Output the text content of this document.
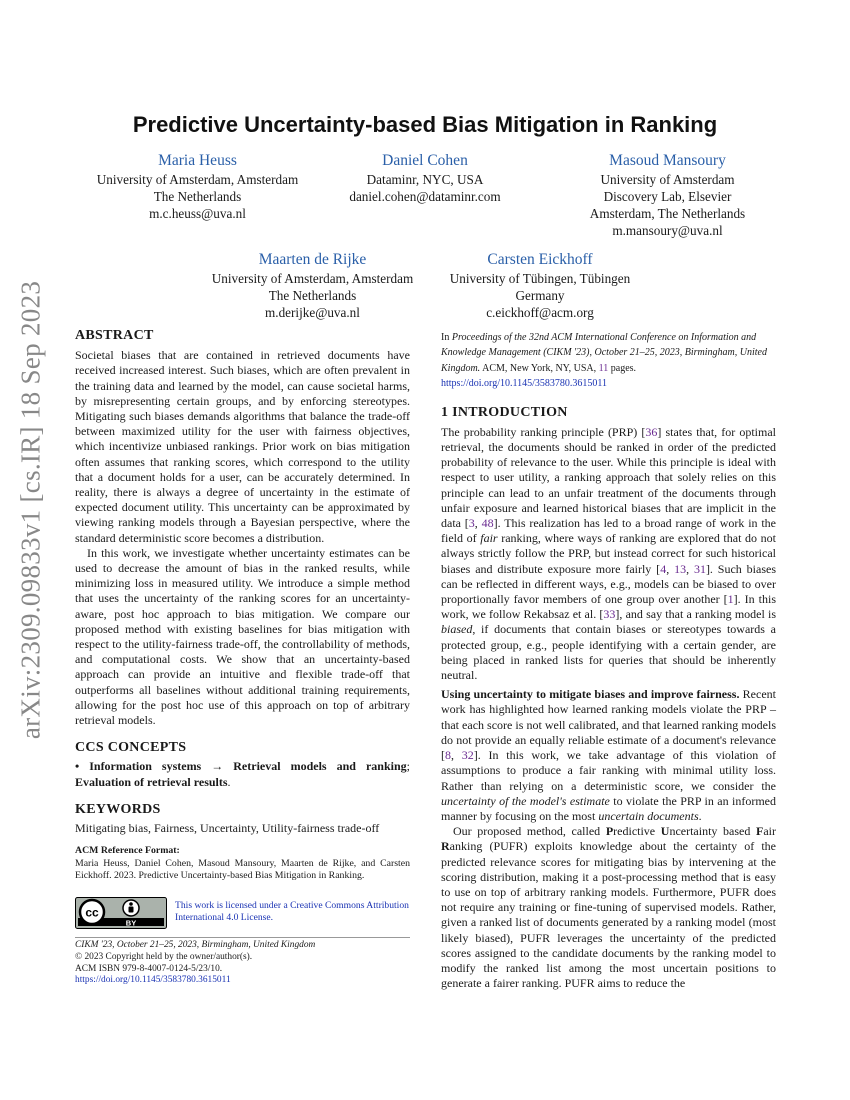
arXiv:2309.09833v1 [cs.IR] 18 Sep 2023
Predictive Uncertainty-based Bias Mitigation in Ranking
Maria Heuss
University of Amsterdam, Amsterdam
The Netherlands
m.c.heuss@uva.nl
Daniel Cohen
Dataminr, NYC, USA
daniel.cohen@dataminr.com
Masoud Mansoury
University of Amsterdam
Discovery Lab, Elsevier
Amsterdam, The Netherlands
m.mansoury@uva.nl
Maarten de Rijke
University of Amsterdam, Amsterdam
The Netherlands
m.derijke@uva.nl
Carsten Eickhoff
University of Tübingen, Tübingen
Germany
c.eickhoff@acm.org
ABSTRACT

Societal biases that are contained in retrieved documents have received increased interest. Such biases, which are often prevalent in the training data and learned by the model, can cause societal harms, by misrepresenting certain groups, and by enforcing stereotypes. Mitigating such biases demands algorithms that balance the trade-off between maximized utility for the user with fairness objectives, which incentivize unbiased rankings. Prior work on bias mitigation often assumes that ranking scores, which correspond to the utility that a document holds for a user, can be accurately determined. In reality, there is always a degree of uncertainty in the estimate of expected document utility. This uncertainty can be approximated by viewing ranking models through a Bayesian perspective, where the standard deterministic score becomes a distribution.

In this work, we investigate whether uncertainty estimates can be used to decrease the amount of bias in the ranked results, while minimizing loss in measured utility. We introduce a simple method that uses the uncertainty of the ranking scores for an uncertainty-aware, post hoc approach to bias mitigation. We compare our proposed method with existing baselines for bias mitigation with respect to the utility-fairness trade-off, the controllability of methods, and computational costs. We show that an uncertainty-based approach can provide an intuitive and flexible trade-off that outperforms all baselines without additional training requirements, allowing for the post hoc use of this approach on top of arbitrary retrieval models.

CCS CONCEPTS

• Information systems → Retrieval models and ranking; Evaluation of retrieval results.

KEYWORDS

Mitigating bias, Fairness, Uncertainty, Utility-fairness trade-off

ACM Reference Format:
Maria Heuss, Daniel Cohen, Masoud Mansoury, Maarten de Rijke, and Carsten Eickhoff. 2023. Predictive Uncertainty-based Bias Mitigation in Ranking.
cc
BY
This work is licensed under a Creative Commons Attribution International 4.0 License.
CIKM '23, October 21–25, 2023, Birmingham, United Kingdom
© 2023 Copyright held by the owner/author(s).
ACM ISBN 979-8-4007-0124-5/23/10.
https://doi.org/10.1145/3583780.3615011
In Proceedings of the 32nd ACM International Conference on Information and Knowledge Management (CIKM '23), October 21–25, 2023, Birmingham, United Kingdom. ACM, New York, NY, USA, 11 pages. https://doi.org/10.1145/3583780.3615011
1 INTRODUCTION

The probability ranking principle (PRP) [36] states that, for optimal retrieval, the documents should be ranked in order of the predicted probability of relevance to the user. While this principle is ideal with respect to user utility, a ranking approach that solely relies on this principle can lead to an unfair treatment of the documents through unfair exposure and learned historical biases that are implicit in the data [3, 48]. This realization has led to a broad range of work in the field of fair ranking, where ways of ranking are explored that do not always strictly follow the PRP, but instead correct for such historical biases and distribute exposure more fairly [4, 13, 31]. Such biases can be reflected in different ways, e.g., models can be biased to over proportionally favor members of one group over another [1]. In this work, we follow Rekabsaz et al. [33], and say that a ranking model is biased, if documents that contain biases or stereotypes towards a protected group, e.g., people identifying with a certain gender, are being placed in ranked lists for queries that should be inherently neutral.

Using uncertainty to mitigate biases and improve fairness. Recent work has highlighted how learned ranking models violate the PRP – that each score is not well calibrated, and that learned ranking models do not provide an equally reliable estimate of a document's relevance [8, 32]. In this work, we take advantage of this violation of assumptions to produce a fair ranking with minimal utility loss. Rather than relying on a deterministic score, we consider the uncertainty of the model's estimate to violate the PRP in an informed manner by focusing on the most uncertain documents.

Our proposed method, called Predictive Uncertainty based Fair Ranking (PUFR) exploits knowledge about the certainty of the predicted relevance scores for mitigating bias by intervening at the scoring distribution, making it a post-processing method that is easy to use on top of arbitrary ranking models. Furthermore, PUFR does not require any training or fine-tuning of supervised models. Rather, given a ranked list of documents generated by a ranking model (most likely biased), PUFR leverages the uncertainty of the predicted scores assigned to the candidate documents by the ranking model to modify the ranked list among the most uncertain positions to generate a fairer ranking. PUFR aims to reduce the
